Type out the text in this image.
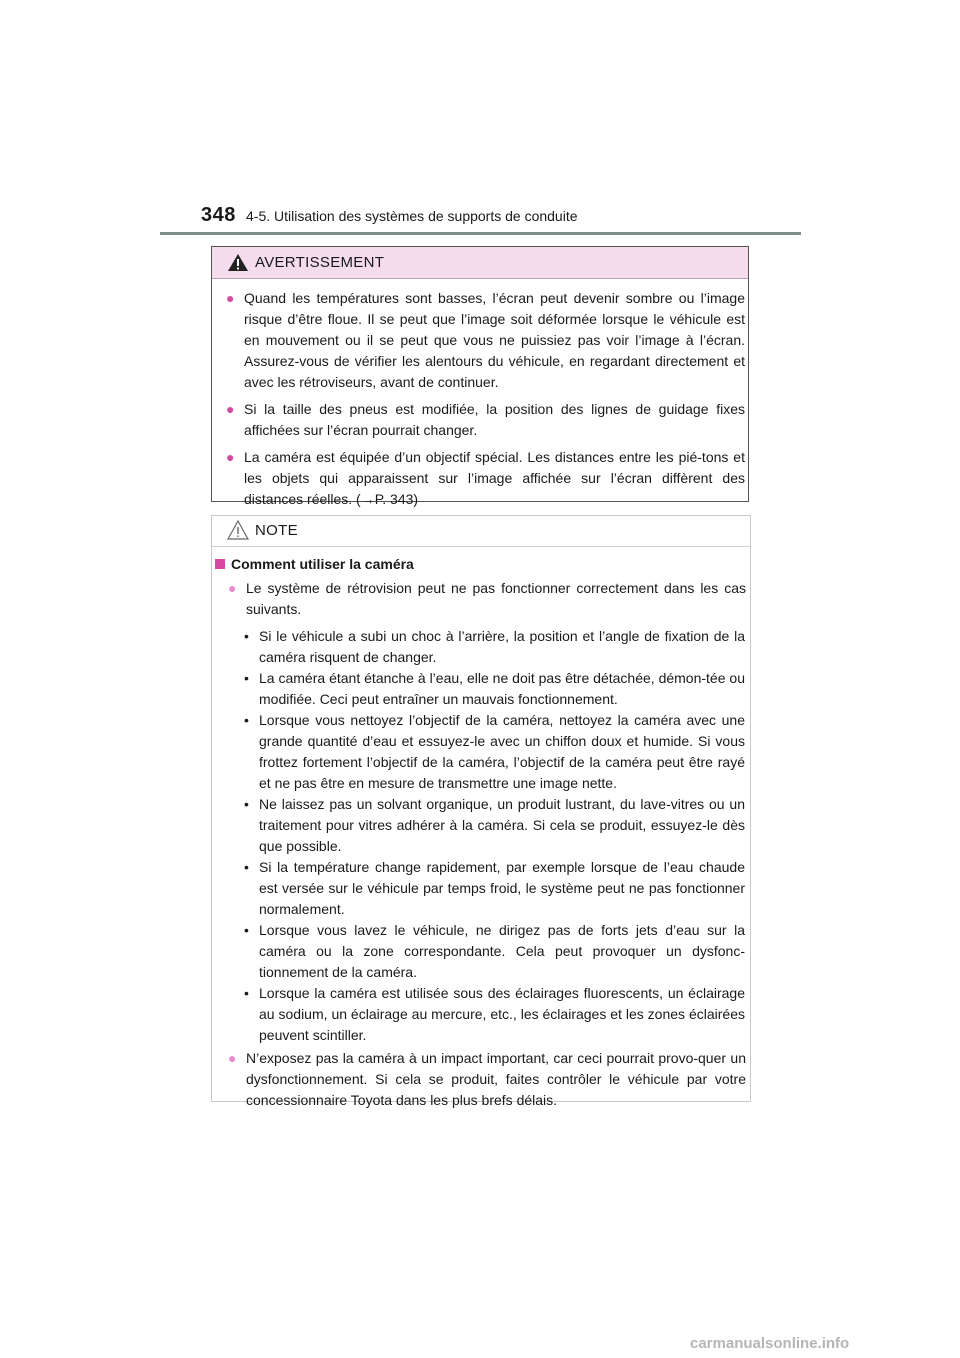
348 4-5. Utilisation des systèmes de supports de conduite
AVERTISSEMENT
● Quand les températures sont basses, l’écran peut devenir sombre ou l’image risque d’être floue. Il se peut que l’image soit déformée lorsque le véhicule est en mouvement ou il se peut que vous ne puissiez pas voir l’image à l’écran. Assurez-vous de vérifier les alentours du véhicule, en regardant directement et avec les rétroviseurs, avant de continuer.
● Si la taille des pneus est modifiée, la position des lignes de guidage fixes affichées sur l’écran pourrait changer.
● La caméra est équipée d’un objectif spécial. Les distances entre les pié-tons et les objets qui apparaissent sur l’image affichée sur l’écran diffèrent des distances réelles. (→P. 343)
NOTE
Comment utiliser la caméra
● Le système de rétrovision peut ne pas fonctionner correctement dans les cas suivants.
• Si le véhicule a subi un choc à l’arrière, la position et l’angle de fixation de la caméra risquent de changer.
• La caméra étant étanche à l’eau, elle ne doit pas être détachée, démon-tée ou modifiée. Ceci peut entraîner un mauvais fonctionnement.
• Lorsque vous nettoyez l’objectif de la caméra, nettoyez la caméra avec une grande quantité d’eau et essuyez-le avec un chiffon doux et humide. Si vous frottez fortement l’objectif de la caméra, l’objectif de la caméra peut être rayé et ne pas être en mesure de transmettre une image nette.
• Ne laissez pas un solvant organique, un produit lustrant, du lave-vitres ou un traitement pour vitres adhérer à la caméra. Si cela se produit, essuyez-le dès que possible.
• Si la température change rapidement, par exemple lorsque de l’eau chaude est versée sur le véhicule par temps froid, le système peut ne pas fonctionner normalement.
• Lorsque vous lavez le véhicule, ne dirigez pas de forts jets d’eau sur la caméra ou la zone correspondante. Cela peut provoquer un dysfonc-tionnement de la caméra.
• Lorsque la caméra est utilisée sous des éclairages fluorescents, un éclairage au sodium, un éclairage au mercure, etc., les éclairages et les zones éclairées peuvent scintiller.
● N’exposez pas la caméra à un impact important, car ceci pourrait provo-quer un dysfonctionnement. Si cela se produit, faites contrôler le véhicule par votre concessionnaire Toyota dans les plus brefs délais.
carmanualsonline.info
